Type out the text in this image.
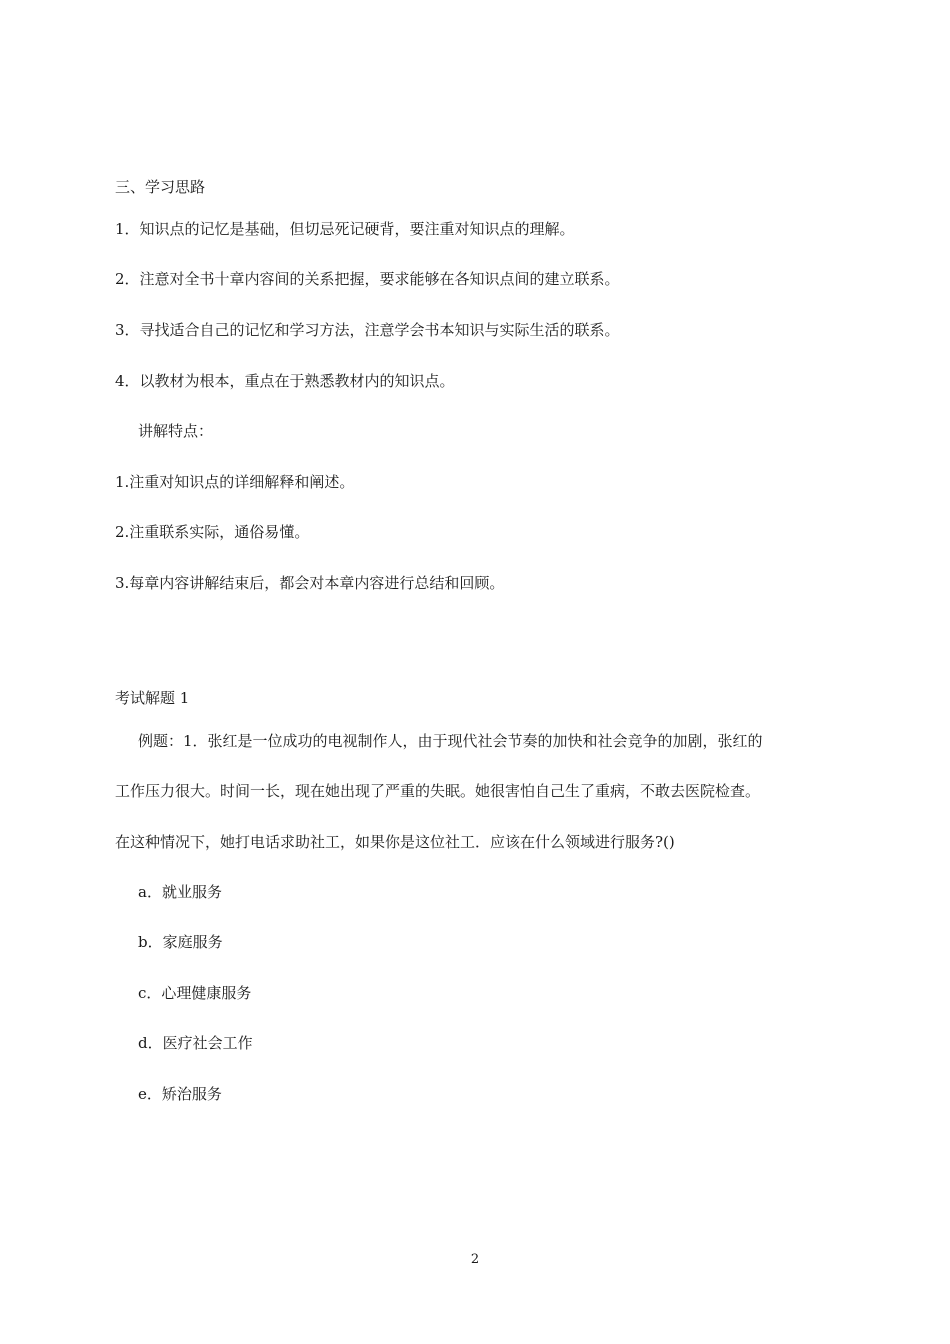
三、学习思路
1．知识点的记忆是基础，但切忌死记硬背，要注重对知识点的理解。
2．注意对全书十章内容间的关系把握，要求能够在各知识点间的建立联系。
3．寻找适合自己的记忆和学习方法，注意学会书本知识与实际生活的联系。
4．以教材为根本，重点在于熟悉教材内的知识点。
讲解特点：
1.注重对知识点的详细解释和阐述。
2.注重联系实际，通俗易懂。
3.每章内容讲解结束后，都会对本章内容进行总结和回顾。
考试解题 1
例题：1．张红是一位成功的电视制作人，由于现代社会节奏的加快和社会竞争的加剧，张红的
工作压力很大。时间一长，现在她出现了严重的失眠。她很害怕自己生了重病，不敢去医院检查。
在这种情况下，她打电话求助社工，如果你是这位社工．应该在什么领域进行服务?()
a．就业服务
b．家庭服务
c．心理健康服务
d．医疗社会工作
e．矫治服务
2
